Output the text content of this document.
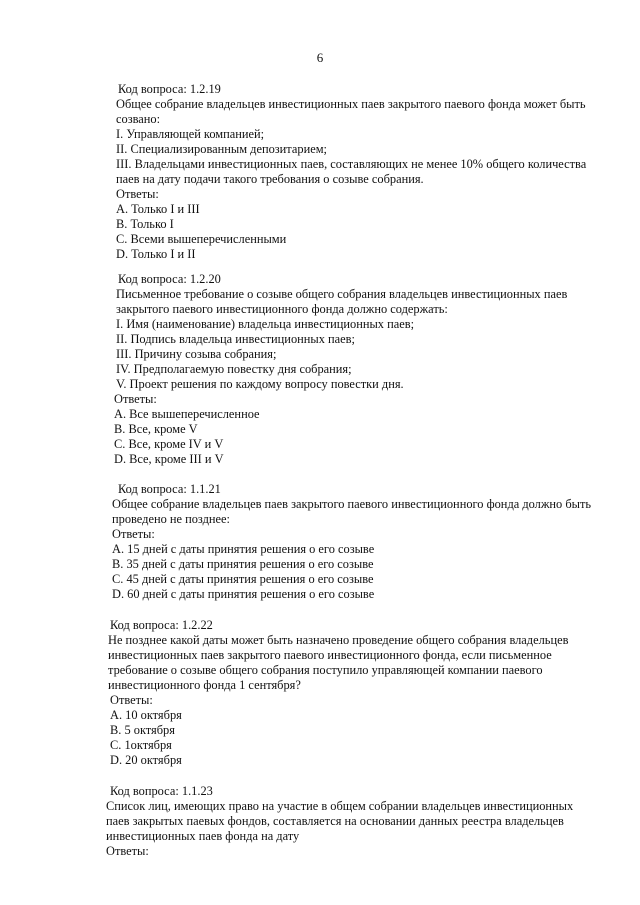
6
Код вопроса: 1.2.19
Общее собрание владельцев инвестиционных паев закрытого паевого фонда может быть
созвано:
I. Управляющей компанией;
II. Специализированным депозитарием;
III. Владельцами инвестиционных паев, составляющих не менее 10% общего количества
паев на дату подачи такого требования о созыве собрания.
Ответы:
A. Только I и III
B. Только I
C. Всеми вышеперечисленными
D. Только I и II
Код вопроса: 1.2.20
Письменное требование о созыве общего собрания владельцев инвестиционных паев
закрытого паевого инвестиционного фонда должно содержать:
I. Имя (наименование) владельца инвестиционных паев;
II. Подпись владельца инвестиционных паев;
III. Причину созыва собрания;
IV. Предполагаемую повестку дня собрания;
V. Проект решения по каждому вопросу повестки дня.
Ответы:
A. Все вышеперечисленное
B. Все, кроме V
C. Все, кроме IV и V
D. Все, кроме III и V
Код вопроса: 1.1.21
Общее собрание владельцев паев закрытого паевого инвестиционного фонда должно быть
проведено не позднее:
Ответы:
A. 15 дней с даты принятия решения о его созыве
B. 35 дней с даты принятия решения о его созыве
C. 45 дней с даты принятия решения о его созыве
D. 60 дней с даты принятия решения о его созыве
Код вопроса: 1.2.22
Не позднее какой даты может быть назначено проведение общего собрания владельцев
инвестиционных паев закрытого паевого инвестиционного фонда, если письменное
требование о созыве общего собрания поступило управляющей компании паевого
инвестиционного фонда 1 сентября?
Ответы:
A. 10 октября
B. 5 октября
C. 1октября
D. 20 октября
Код вопроса: 1.1.23
Список лиц, имеющих право на участие в общем собрании владельцев инвестиционных
паев закрытых паевых фондов, составляется на основании данных реестра владельцев
инвестиционных паев фонда на дату
Ответы:
